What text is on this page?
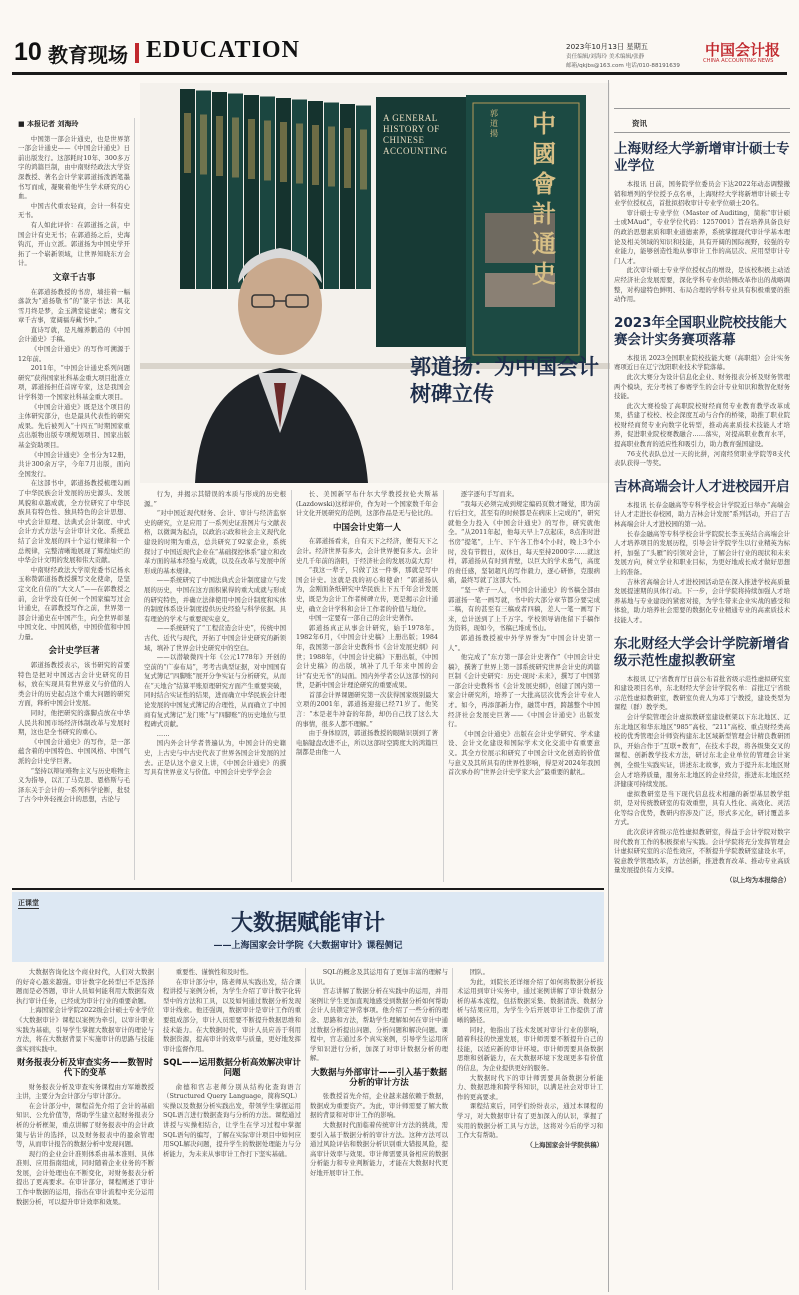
10 教育现场 EDUCATION	2023年10月13日 星期五
责任编辑/刘海玲 美术编辑/张静
邮箱/qkjbs@163.com 电话/010-88191639
中国会计报
CHINA ACCOUNTING NEWS
■ 本报记者 刘海玲

中国第一部会计通史，也是世界第一部会计通史——《中国会计通史》日前出版发行。这部耗时10年、300多万字的鸿篇巨制，由中南财经政法大学资深教授、著名会计学家郭道扬泼洒笔墨书写而成，凝聚着他毕生学术研究的心血。

中国古代重农轻商，会计一科有史无书。

有人如此评价：在郭道扬之前，中国会计有史无书；在郭道扬之后，史海钩沉，开山立派。郭道扬为中国史学开拓了一个崭新领域，让世界知晓东方会计。

文章千古事

在郭道扬教授的书房，墙挂着一幅落款为“道扬敬书”的“篆字书法：风花雪月终是梦，金玉满堂徒虚荣；鹰有文章千古事，宽阔福寿藏书中。”

直诗写就，是凡缠养鹏造的《中国会计通史》手稿。

《中国会计通史》的写作可溯源于12年前。

2011年，“中国会计通史系列问题研究”获得国家社科基金重大项目批准立项，郭道扬担任首席专家，这是我国会计学科第一个国家社科基金重大项目。

《中国会计通史》既是这个项目的主体研究部分，也是最具代表性的研究成果。先后被列入“十四五”时期国家重点出版物出版专项规划项目、国家出版基金资助项目。

《中国会计通史》全书分为12册，共计300余万字，今年7月出版，面向全国发行。

在这部书中，郭道扬教授梳理勾画了中华民族会计发展的历史源头、发展风貌和卓越成就，全方位研究了中华民族具有特色性、独具特色的会计思想、中式会计原理、法典式会计制度、中式会计方式方法与会计审计文化、系统总结了会计发展的四十个运行规律和一个总规律，完整清晰地展现了辉煌灿烂的中华会计文明的发展和伟大贡献。

中南财经政法大学原党委书记杨永玉称赞郭道扬教授撰写文化使命，是坚定文化自信的“大文人”——在郭教授之前，会计学没有任何一个国家编写过会计通史，在郭教授写作之前，世界第一部会计通史在中国产生，向全世界彰显中国文化、中国风格，中国价值和中国力量。

会计史学巨著

郭道扬教授表示，该书研究的首要特色是把对中国远古会计史研究的目标，放在实现具有世界意义与价值的人类会计的历史起点这个重大问题的研究方面，释析中国会计发展。

同时，他把研究的落脚点放在中华人民共和国市场经济体制改革与发展时期，这也是全书研究的重心。

《中国会计通史》的写作，是一部蕴含着的中国特色、中国风格、中国气派的会计史学巨著。

“坚持以辩证唯物主义与历史唯物主义为指导，以汇了马克思、恩格斯与毛泽东关于会计的一系列科学论断，批驳了古今中外轻视会计的思想，古论与

A GENERAL HISTORY OF CHINESE ACCOUNTING
中國會計通史
郭道揚
郭道扬：为中国会计树碑立传

行为，并揭示其错误的本质与形成的历史根源。”

“对中国近现代财务、会计、审计与经济监察史的研究，立足应用了一系列史证准图片与文献表格，以微调为起点，以政治示政和社会主义现代化建设的时期为重点，总共研究了92家企业，系统探讨了中国近现代企业在“基础探控体系”建立和改革方面的基本经验与成就，以及在改革与发展中所形成的基本规律。

——系统研究了中国法典式会计制度建立与发展的历史，中国在这方面积累得的重大成就与形成的研究特色，并确立法律使用中国会计制度和实体的制度体系设计制度提供历史经验与科学依据。具有理论的学术与重要现实意义。

——系统研究了“工程营造会计史”，传统中国古代、近代与现代，开拓了中国会计史研究的新领域，填补了世界会计史研究中的空白。

——以潜敏微四十年《公元1778年》开创的空前的“广泰布局”，考考古典型证据，对中国国有复式簿记“四脚账”展开分争实证与分析研究，从而在“天地合”结算平账原理研究方面产生重要突破，同时结合实证性的结果，进而确立中华民族会计理论发展的中国复式簿记的合理性，从而确立了中国商有复式簿记“龙门账”与“四脚账”的历史地位与里程碑式贡献。

……

国内外会计学者普遍认为，中国会计的史籍史，上古史与中古史代表了世界各国会计发展的过去。正是认这个意义上讲，《中国会计通史》的撰写具有世界意义与价值。中国会计史学学会会

长、美国新罕布什尔大学教授拉伦夫斯基(Lazdowski)这样评价，作为对一个国家数千年会计文化开展研究的范例，这部作品是无与伦比的。

中国会计史第一人

在郭道扬看来，自有天下之经济，便有天下之会计。经济世界有多大，会计世界便有多大。会计史几千年前的洛阳，于经济社会的发展功莫大焉！

“我这一辈子，只做了这一件事，那就是写中国会计史。这就是我的初心和使命！”郭道扬认为，金刚面条纸研究中华民族上下五千年会计发展史，既是为会计工作者树碑立传，更是揭示会计通史，确立会计学科和会计工作者的价值与地位。

中国一定要有一部自己的会计史著作。

郭道扬真正从事会计研究，始于1978年。1982年6月，《中国会计史稿》上册出版；1984年，我国第一部会计史教科书《会计发展史纲》问世；1988年，《中国会计史稿》下册出版，《中国会计史稿》的出版，填补了几千年来中国的会计“有史无书”的局面。国内外学者公认这部书的问世，是新中国会计理论研究的重要成果。

首部会计界课题研究第一次获得国家级别最大立项的2001年，郭道扬迎接已经71岁了。他笑言：“本是老牛冲奋的年龄，却仍自己找了这么大的事情，很多人都不理解。”

由于身体原因，郭道扬教授的眼睛识别到了著电脑键盘改进不止，所以这部时空跨度大的鸿篇巨制都是由他一人

逐字逐句手写而来。

“我每天必须完成到规定编码页数才睡觉，即为前行后扫文，甚至有的时候都是在病床上完成的”，研究就他全力投入《中国会计通史》的写作，研究就他全。“从2011年起，他每天早上7点起床，8点准时进书房“提笔”，上午、下午各工作4个小时，晚上3个小时，没有节假日，双休日，每天至持2000字……就这样，郭道扬从有时到青壁，以巨大的学术勇气，高度的责任感，坚韧超凡的写作毅力，逐心研修，克服病痛，最终写就了这部大书。

“坚一辈子一人，《中国会计通史》的书稿全部由郭道扬一笔一画写就，书中的大部分章节都分要完成二稿，有的甚至有三稿或者四稿，差人一笔一画写下来，总计送到了上千万字。学校领导请他留下手稿作为资料，现如今，书稿已堆成书山。

郭道扬教授被中外学界誉为“中国会计史第一人”。

他完成了“东方第一部会计史著作”《中国会计史稿》，撰著了世界上第一部系统研究世界会计史的鸿篇巨制《会计史研究：历史·现时·未来》，撰写了中国第一部会计史教科书《会计发展史纲》，创建了国内第一家会计研究所，培养了一大批高层次优秀会计专业人才。如今，再添部新力作，融贯中西，跨越整个中国经济社会发展史巨著——《中国会计通史》出版发行。

《中国会计通史》出版在会计史学研究、学术建设、会计文化建设和国际学术文化交流中有重要意义。其全方位展示和研究了中国会计文化创造的价值与意义及其所具有的世界性影响，得是对2024年我国首次承办的“世界会计史学家大会”最重要的献礼。

资讯
上海财经大学新增审计硕士专业学位

本报讯 日前，国务院学位委员会下达2022年动态调整撤销和增列的学位授予点名单，上海财经大学将新增审计硕士专业学位授权点，首批拟招收审计专业学位硕士20名。

审计硕士专业学位（Master of Auditing，简称“审计硕士或MAud”，专业学位代码：1257001）旨在培养具备良好的政治思想素质和职业道德素养，系统掌握现代审计学基本理论及相关领域的知识和技能，具有开阔的国际视野，较强的专业能力，能够创造性地从事审计工作的高层次、应用型审计专门人才。

此次审计硕士专业学位授权点的增设，是该校积极主动适应经济社会发展需要，深化学科专业供给侧改革作出的战略调整，对构建特色鲜明、布局合理的学科专业具有积极重要的推动作用。

2023年全国职业院校技能大赛会计实务赛项落幕

本报讯 2023全国职业院校技能大赛（高职组）会计实务赛项近日在辽宁沈阳职业技术学院落幕。

此次大赛分为设计信息化企业、财务报表分析及财务管理两个模块，充分考核了参赛学生的会计专业知识和数智化财务技能。

此次大赛检验了高职院校财经商贸专业教育教学改革成果，搭建了校校、校企深度互动与合作的桥梁，助推了职业院校财经商贸专业向数字化转型，推动高素质技术技能人才培养，促进职业院校赛教融合……落实，对提高职业教育水平，提高职业教育的适应性和吸引力，助力教育强国建设。

76支代表队总过一天的比拼，河南经贸职业学院等8支代表队获得一等奖。

吉林高端会计人才进校园开启

本报讯 长春金融高等专科学校会计学院近日举办“高端会计人才走进长春校园，助力吉林会计发展”系列活动，开启了吉林高端会计人才进校园的第一站。

长春金融高等专科学校会计学院院长李玉英结合高端会计人才培养项目的发展历程，引导会计学院学生以行业精英为标杆，加强了“头雁”的引领对会计，了解会计行业的现状和未来发展方向，树立学业和职业目标，为更好地成长成才做好思想上的准备。

吉林省高端会计人才进校园活动是在深入推进学校高质量发展提速期的具体行动。下一步，会计学院将持续加强人才培养基地与专业建设的紧密对接，为学生带来企业实战的感受和体验，助力培养社会需要的数据化专业精通专业的高素质技术技能人才。

东北财经大学会计学院新增省级示范性虚拟教研室

本报讯 辽宁省教育厅日前公布首批省级示范性虚拟研究室和建设项目名单，东北财经大学会计学院名单：首批辽宁省级示范性虚拟教研室，教研室负责人为邓丁宁教授，建设类型为课程（群）教学类。

会计学院管理会计虚拟教研室建设框架以下东北地区、辽东北地区和华东地区“985”高校、“211”高校、重点财经类高校的优秀管理会计师资构建东北区域新型管理会计精良教研团队，开始合作于“互联+教育”，在技术手段，将各级集交叉的课程、创新教学技术方法，研讨东北企业单位的管理会计案例，全级生实践实证，讲述东北故事，致力于提升东北地区财会人才培养质量，服务东北地区的企业经营，推进东北地区经济健康可持续发展。

虚拟教研室是当下现代信息技术相融的新型基层教学组织，是对传统教研室的有效重塑，具有人性化、高效化、灵活化等综合优势，教研内容涉及广泛，形式多元化，研讨覆盖多方式。

此次获评省级示范性虚拟教研室，得益于会计学院对数字时代教育工作的积极探索与实践。会计学院将充分发挥管理会计虚拟研究室的示范性效应，不断提升学院教研室建设水平，锐意教学管理改革，方法创新，推进教育改革、推动专业高质量发展提供有力支撑。

（以上均为本报综合）
正课堂
大数据赋能审计
——上海国家会计学院《大数据审计》课程侧记

大数据咨询化这个商业时代，人们对大数据的好奇心越来越强。审计数字化转型已不是选择题而是必答题，审计人员如何能利用大数据有效执行审计任务，已经成为审计行业的重要命题。

上海国家会计学院2022级会计硕士专业学位《大数据审计》课程以案例为牵引，以审计职业实践为基础，引导学生掌握大数据审计的理论与方法，将在大数据背景下实施审计的思路与技能落实到实践中。

财务报表分析及审查实务——数智时代下的变革

财务报表分析及审查实务课程由方军雄教授主讲，主要分为会计部分与审计部分。

在会计部分中，课程首先介绍了会计的基础知识、公允价值等，帮助学生建立起财务报表分析的分析框架，重点讲解了财务报表中的会计政策与估计的选择，以及财务报表中的盈余管理等，从而审计报告的数据分析中发现问题。

现行的企业会计准则体系由基本准则、具体准则、应用指南组成，同时随着企业业务的不断发展，会计处理也在不断变化，对财务报表分析提出了更高要求。在审计部分，课程阐述了审计工作中数据的运用，指出在审计流程中充分运用数据分析，可以提升审计效率和效果。

重要性、谨慎性和及时性。

在审计部分中，陈老师从实践出发，结合课程讲授与案例分析，为学生介绍了审计数字化转型中的方法和工具，以及如何通过数据分析发现审计线索。他还强调，数据审计是审计工作的重要组成部分，审计人员需要不断提升数据思维和技术能力。在大数据时代，审计人员应善于利用数据资源，提高审计的效率与质量，更好地发挥审计监督作用。

SQL——运用数据分析高效解决审计问题

俞德和官志老师分别从结构化查询语言（Structured Query Language，简称SQL）实操以及数据分析实践出发，带领学生掌握运用SQL语言进行数据查询与分析的方法。课程通过讲授与实操相结合，让学生在学习过程中掌握SQL语句的编写，了解在实际审计项目中如何应用SQL解决问题，提升学生的数据处理能力与分析能力，为未来从事审计工作打下坚实基础。

SQL的概念及其运用有了更加丰富的理解与认识。

宫志讲解了数据分析在实践中的运用，并用案例让学生更加直观地感受到数据分析如何帮助会计人员锁定异常事项。他介绍了一些分析的理念、思路和方法，帮助学生理解如何在审计中通过数据分析提出问题、分析问题和解决问题。课程中，宫志通过多个真实案例，引导学生运用所学知识进行分析，加深了对审计数据分析的理解。

大数据与外部审计——引入基于数据分析的审计方法

张教授首先介绍，企业越来越依赖于数据，数据成为重要资产。为此，审计师需要了解大数据的背景和对审计工作的影响。

大数据时代面临着传统审计方法的挑战，需要引入基于数据分析的审计方法。这种方法可以通过风险评估和数据分析识别重大错报风险，提高审计效率与效果。审计师需要具备相应的数据分析能力和专业判断能力，才能在大数据时代更好地开展审计工作。

团队。

为此，刘院长还详细介绍了如何将数据分析技术运用到审计实务中，通过案例讲解了审计数据分析的基本流程，包括数据采集、数据清洗、数据分析与结果应用，为学生今后开展审计工作提供了清晰的路径。

同时，他指出了技术发展对审计行业的影响，随着科技的快速发展，审计师需要不断提升自己的技能，以适应新的审计环境。审计师需要具备数据思维和创新能力，在大数据环境下发现更多有价值的信息，为企业提供更好的服务。

大数据时代下的审计师需要具备数据分析能力、数据思维和跨学科知识，以满足社会对审计工作的更高要求。

课程结束后，同学们纷纷表示，通过本课程的学习，对大数据审计有了更加深入的认识，掌握了实用的数据分析工具与方法，这将对今后的学习和工作大有帮助。

（上海国家会计学院供稿）
